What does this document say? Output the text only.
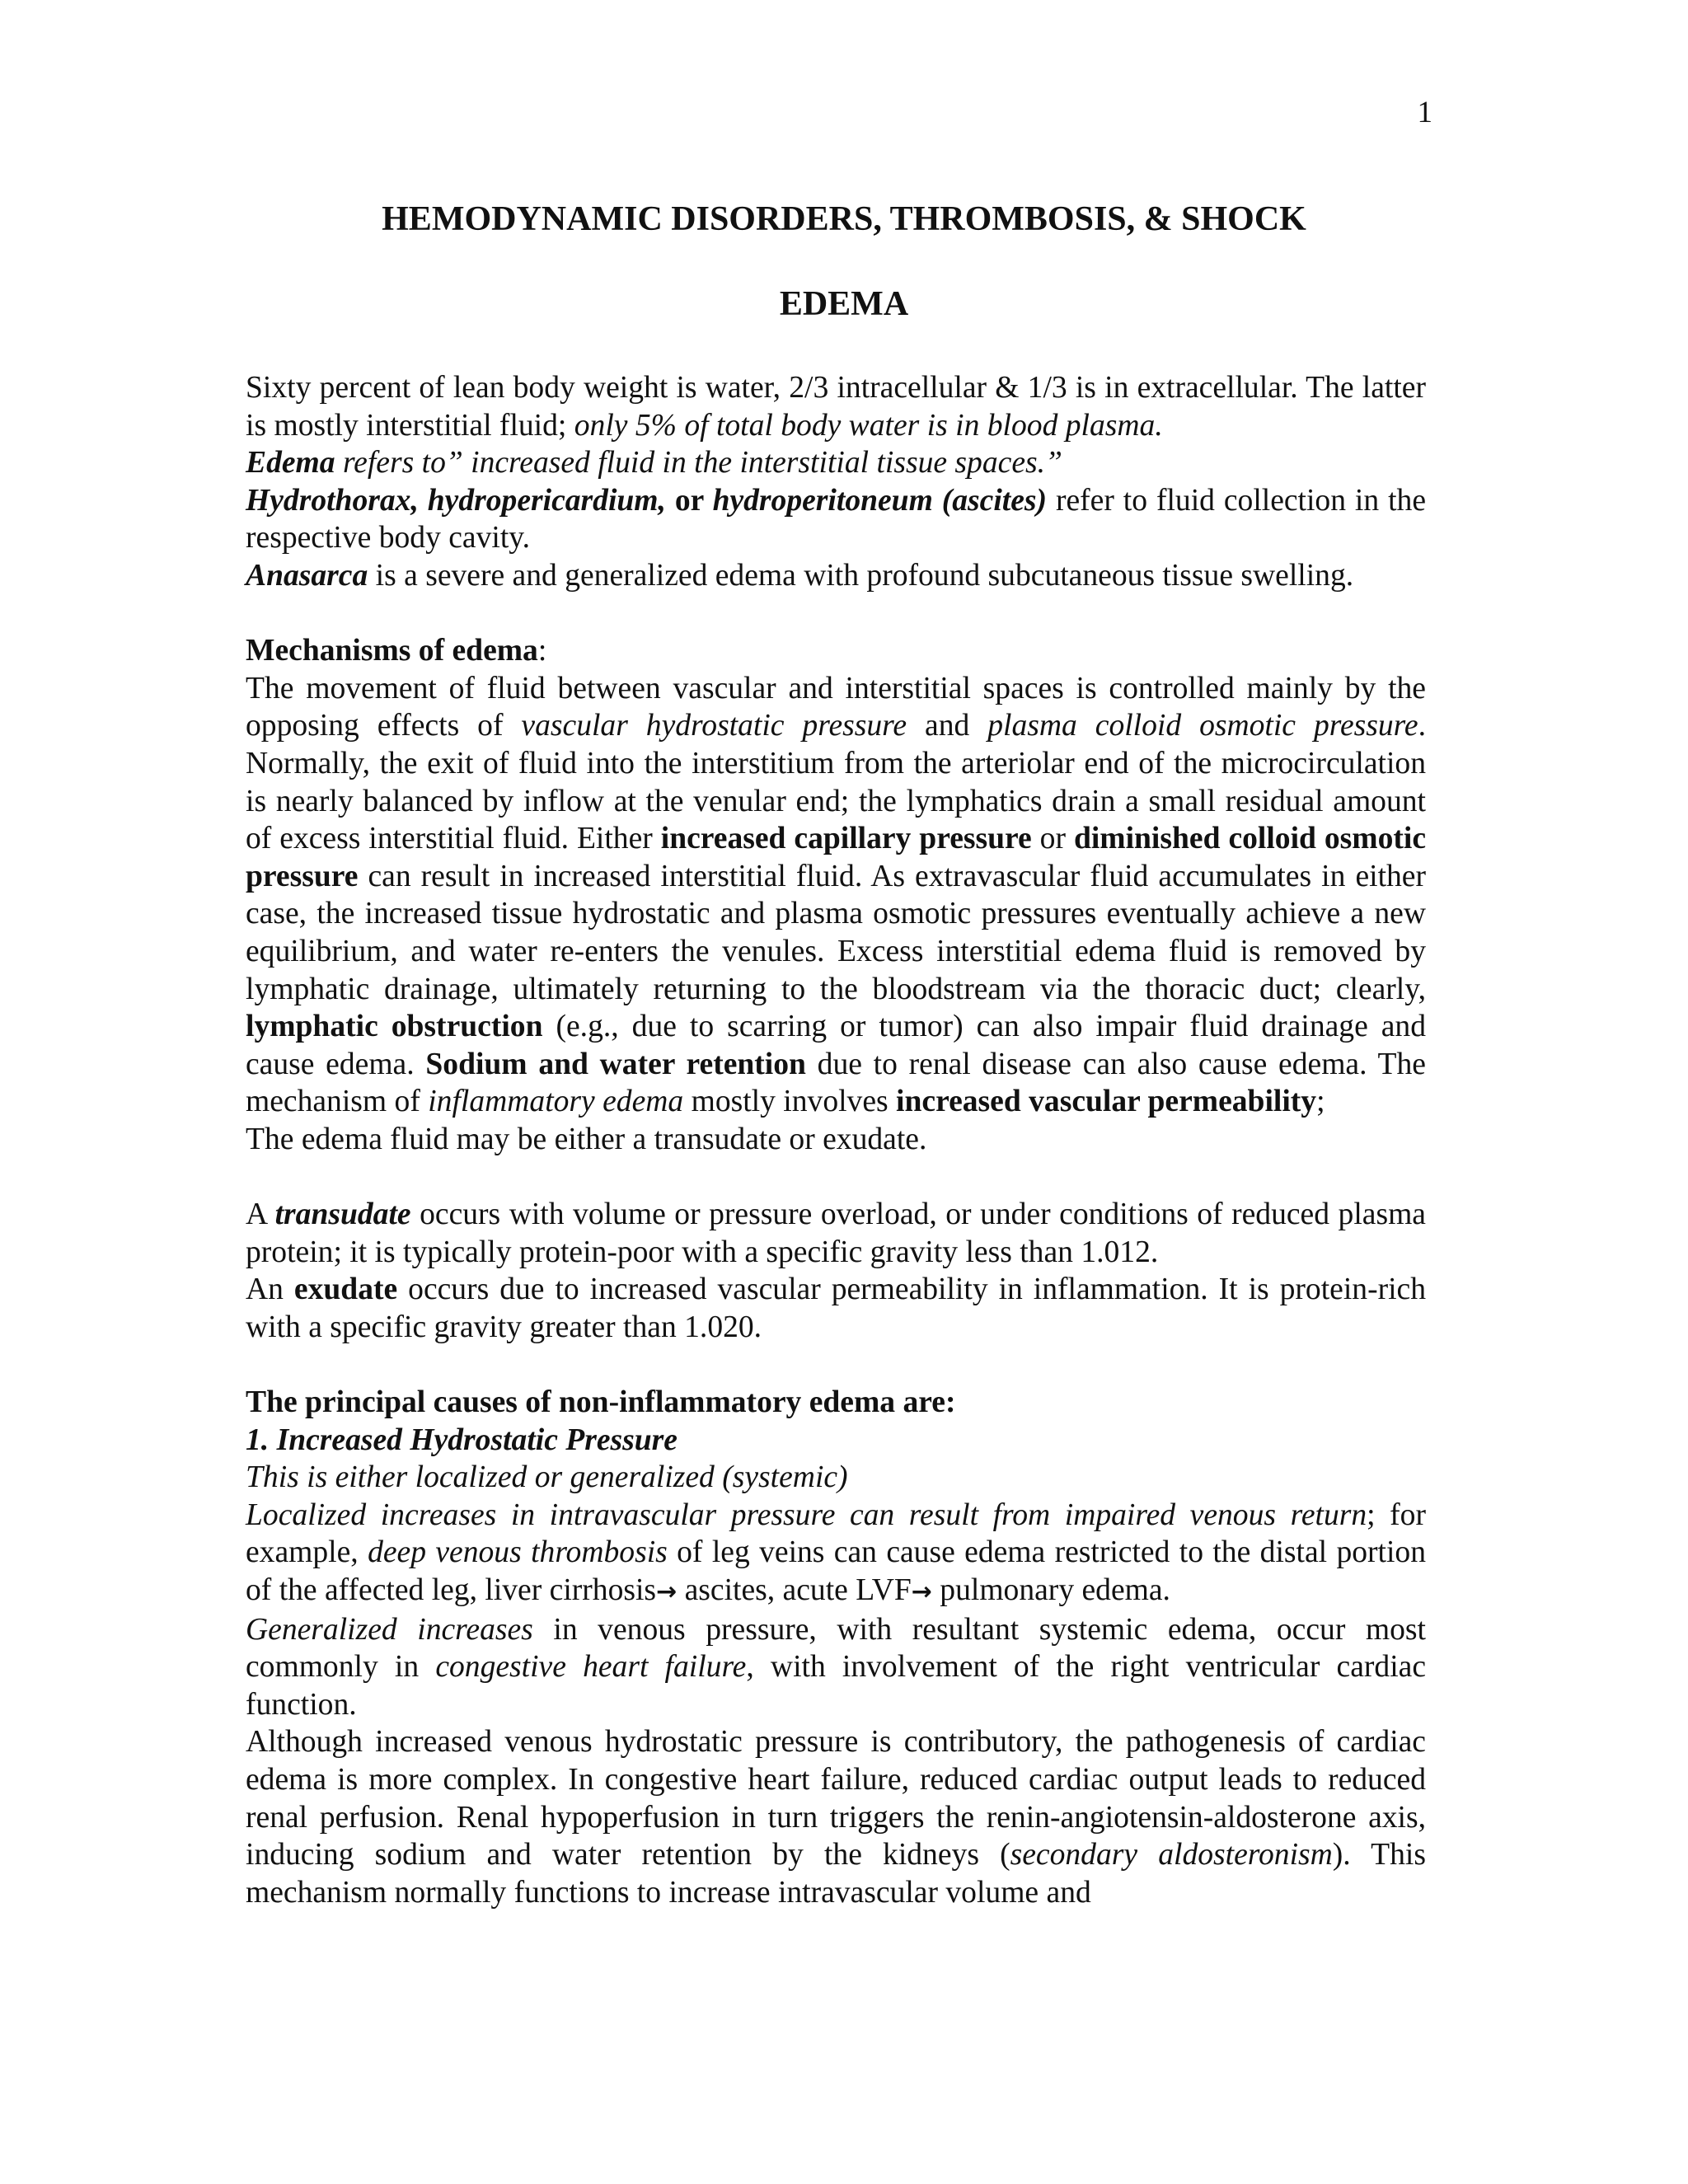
1
HEMODYNAMIC DISORDERS, THROMBOSIS, & SHOCK
EDEMA

Sixty percent of lean body weight is water, 2/3 intracellular & 1/3 is in extracellular. The latter is mostly interstitial fluid; only 5% of total body water is in blood plasma.

Edema refers to” increased fluid in the interstitial tissue spaces.”

Hydrothorax, hydropericardium, or hydroperitoneum (ascites) refer to fluid collection in the respective body cavity.

Anasarca is a severe and generalized edema with profound subcutaneous tissue swelling.

Mechanisms of edema:

The movement of fluid between vascular and interstitial spaces is controlled mainly by the opposing effects of vascular hydrostatic pressure and plasma colloid osmotic pressure. Normally, the exit of fluid into the interstitium from the arteriolar end of the microcirculation is nearly balanced by inflow at the venular end; the lymphatics drain a small residual amount of excess interstitial fluid. Either increased capillary pressure or diminished colloid osmotic pressure can result in increased interstitial fluid. As extravascular fluid accumulates in either case, the increased tissue hydrostatic and plasma osmotic pressures eventually achieve a new equilibrium, and water re-enters the venules. Excess interstitial edema fluid is removed by lymphatic drainage, ultimately returning to the bloodstream via the thoracic duct; clearly, lymphatic obstruction (e.g., due to scarring or tumor) can also impair fluid drainage and cause edema. Sodium and water retention due to renal disease can also cause edema. The mechanism of inflammatory edema mostly involves increased vascular permeability;

The edema fluid may be either a transudate or exudate.

A transudate occurs with volume or pressure overload, or under conditions of reduced plasma protein; it is typically protein-poor with a specific gravity less than 1.012.

An exudate occurs due to increased vascular permeability in inflammation. It is protein-rich with a specific gravity greater than 1.020.

The principal causes of non-inflammatory edema are:

1. Increased Hydrostatic Pressure

This is either localized or generalized (systemic)

Localized increases in intravascular pressure can result from impaired venous return; for example, deep venous thrombosis of leg veins can cause edema restricted to the distal portion of the affected leg, liver cirrhosis→ ascites, acute LVF→ pulmonary edema.

Generalized increases in venous pressure, with resultant systemic edema, occur most commonly in congestive heart failure, with involvement of the right ventricular cardiac function.

Although increased venous hydrostatic pressure is contributory, the pathogenesis of cardiac edema is more complex. In congestive heart failure, reduced cardiac output leads to reduced renal perfusion. Renal hypoperfusion in turn triggers the renin-angiotensin-aldosterone axis, inducing sodium and water retention by the kidneys (secondary aldosteronism). This mechanism normally functions to increase intravascular volume and
